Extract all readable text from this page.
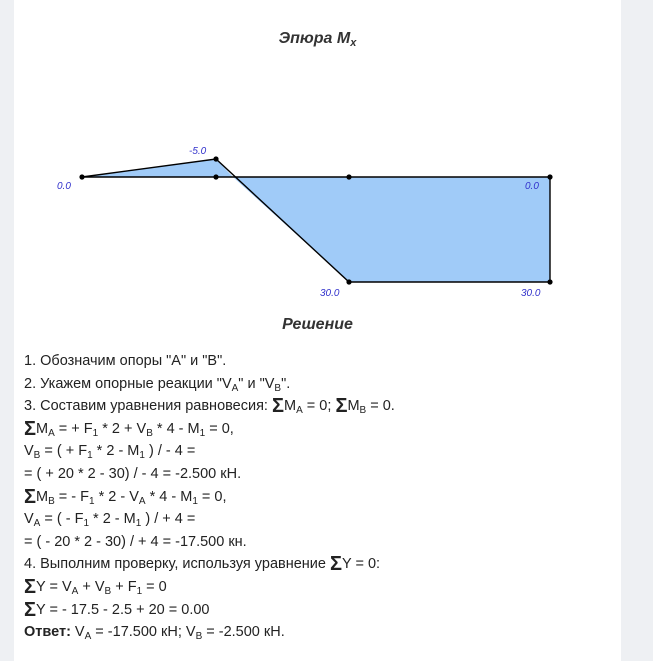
Эпюра $M_x$
0.0
-5.0
0.0
30.0	30.0
Решение
1. Обозначим опоры "A" и "B".
2. Укажем опорные реакции "$V_A$" и "$V_B$".
3. Составим уравнения равновесия: $\Sigma M_A = 0$; $\Sigma M_B = 0$.
$\Sigma M_A$ = + $F_1 * 2 + V_B * 4 - M_1 = 0$,
$V_B$ = ( + $F_1 * 2 - M_1$ ) / - 4 =
= ( + 20 * 2 - 30) / - 4 = -2.500 кН.
$\Sigma M_B$ = - $F_1 * 2 - V_A * 4 - M_1 = 0$,
$V_A$ = ( - $F_1 * 2 - M_1$ ) / + 4 =
= ( - 20 * 2 - 30) / + 4 = -17.500 кн.
4. Выполним проверку, используя уравнение ΣY = 0:
$\Sigma Y = V_A + V_B + F_1 = 0$
ΣY = - 17.5 - 2.5 + 20 = 0.00
Ответ: $V_A = -17.500$ кН; $V_B = -2.500$ кН.
